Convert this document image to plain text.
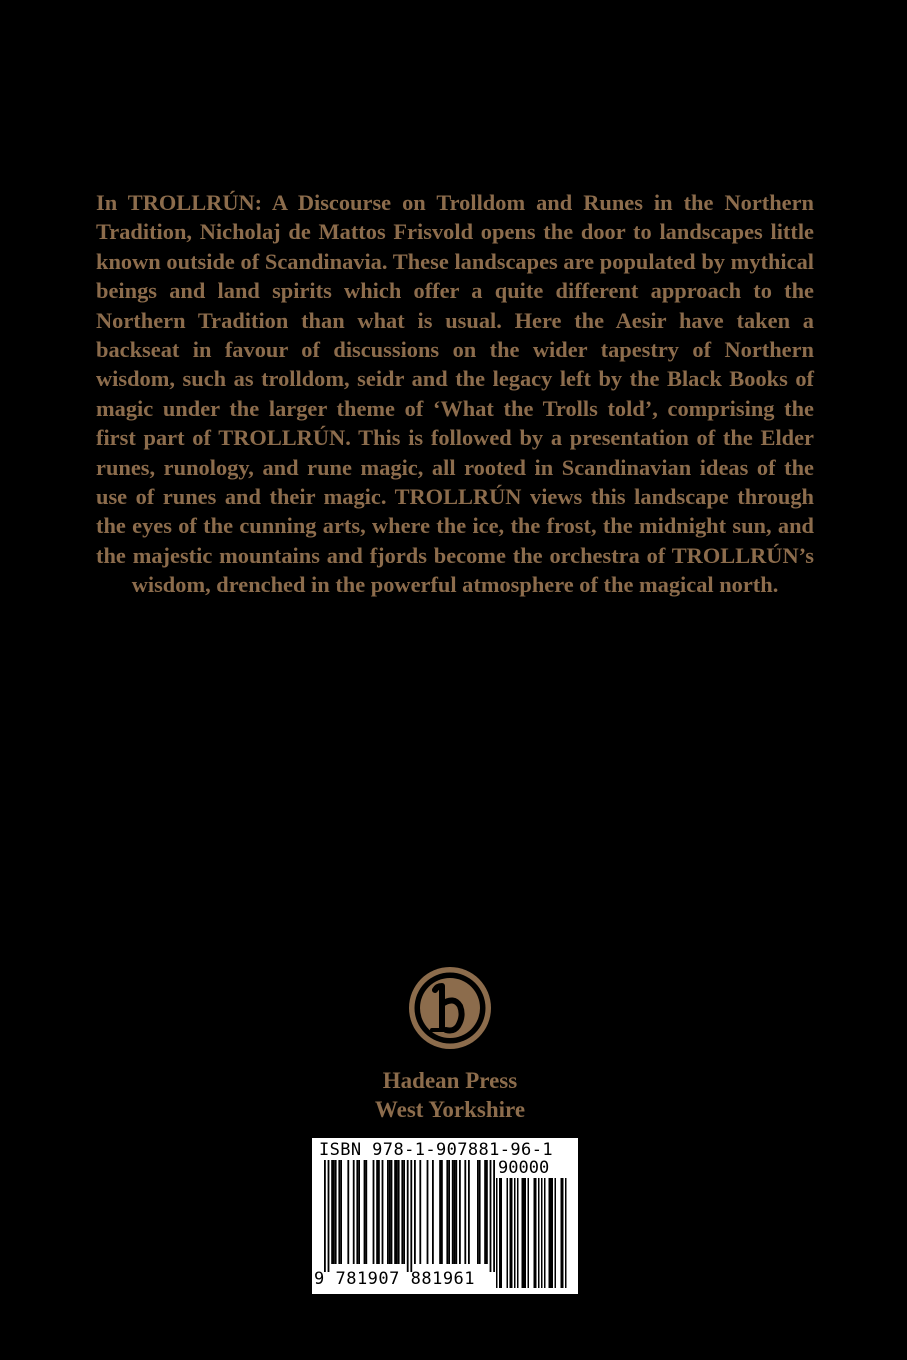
In TROLLRÚN: A Discourse on Trolldom and Runes in the Northern Tradition, Nicholaj de Mattos Frisvold opens the door to landscapes little known outside of Scandinavia. These landscapes are populated by mythical beings and land spirits which offer a quite different approach to the Northern Tradition than what is usual. Here the Aesir have taken a backseat in favour of discussions on the wider tapestry of Northern wisdom, such as trolldom, seidr and the legacy left by the Black Books of magic under the larger theme of ‘What the Trolls told’, comprising the first part of TROLLRÚN. This is followed by a presentation of the Elder runes, runology, and rune magic, all rooted in Scandinavian ideas of the use of runes and their magic. TROLLRÚN views this landscape through the eyes of the cunning arts, where the ice, the frost, the midnight sun, and the majestic mountains and fjords become the orchestra of TROLLRÚN’s wisdom, drenched in the powerful atmosphere of the magical north.

Hadean Press

West Yorkshire

ISBN 978-1-907881-96-1
90000
9 781907 881961
